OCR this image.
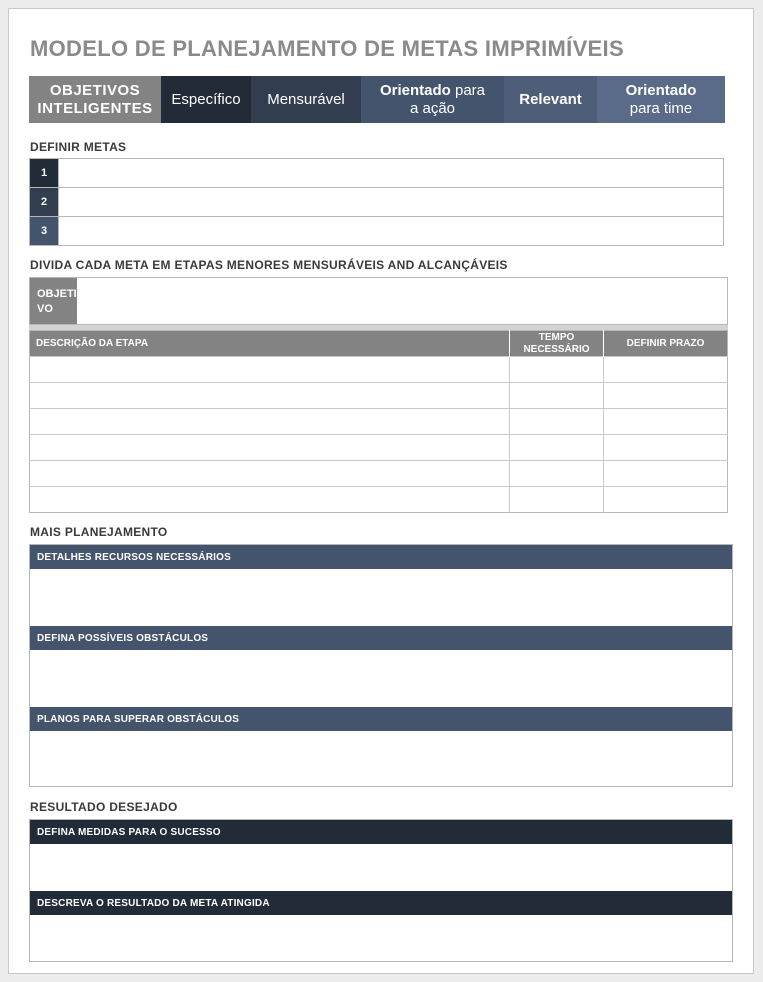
MODELO DE PLANEJAMENTO DE METAS IMPRIMÍVEIS
OBJETIVOS INTELIGENTES
Específico	Mensurável
Orientado para
a ação
Relevant
Orientado
para time
DEFINIR METAS
1
2
3
DIVIDA CADA META EM ETAPAS MENORES MENSURÁVEIS AND ALCANÇÁVEIS
OBJETIVO
DESCRIÇÃO DA ETAPA	TEMPO NECESSÁRIO	DEFINIR PRAZO

MAIS PLANEJAMENTO
DETALHES RECURSOS NECESSÁRIOS
DEFINA POSSÍVEIS OBSTÁCULOS
PLANOS PARA SUPERAR OBSTÁCULOS
RESULTADO DESEJADO
DEFINA MEDIDAS PARA O SUCESSO
DESCREVA O RESULTADO DA META ATINGIDA
